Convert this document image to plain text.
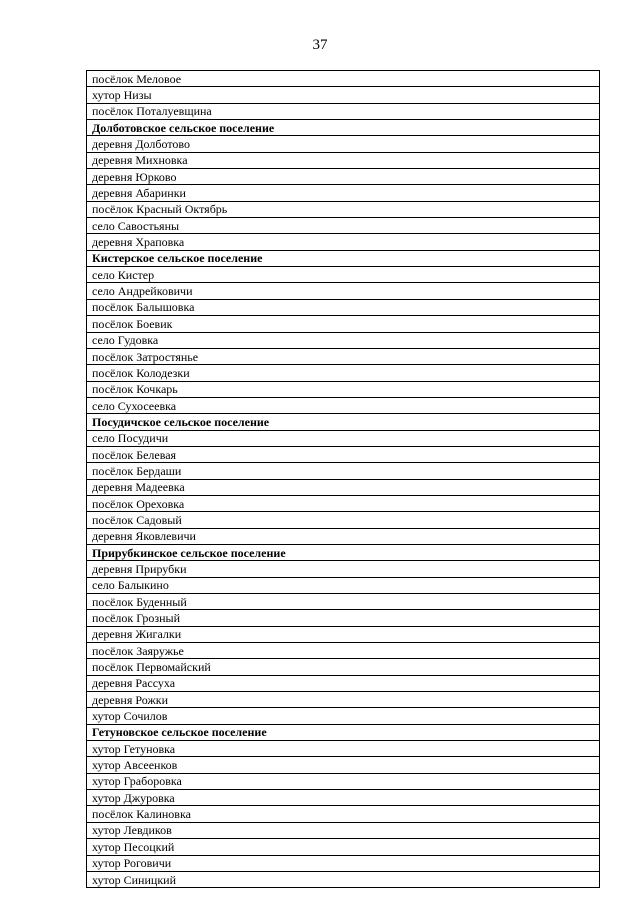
37
посёлок Меловое
хутор Низы
посёлок Поталуевщина
Долботовское сельское поселение
деревня Долботово
деревня Михновка
деревня Юрково
деревня Абаринки
посёлок Красный Октябрь
село Савостьяны
деревня Храповка
Кистерское сельское поселение
село Кистер
село Андрейковичи
посёлок Балышовка
посёлок Боевик
село Гудовка
посёлок Затростянье
посёлок Колодезки
посёлок Кочкарь
село Сухосеевка
Посудичское сельское поселение
село Посудичи
посёлок Белевая
посёлок Бердаши
деревня Мадеевка
посёлок Ореховка
посёлок Садовый
деревня Яковлевичи
Прирубкинское сельское поселение
деревня Прирубки
село Балыкино
посёлок Буденный
посёлок Грозный
деревня Жигалки
посёлок Заяружье
посёлок Первомайский
деревня Рассуха
деревня Рожки
хутор Сочилов
Гетуновское сельское поселение
хутор Гетуновка
хутор Авсеенков
хутор Граборовка
хутор Джуровка
посёлок Калиновка
хутор Левдиков
хутор Песоцкий
хутор Роговичи
хутор Синицкий
